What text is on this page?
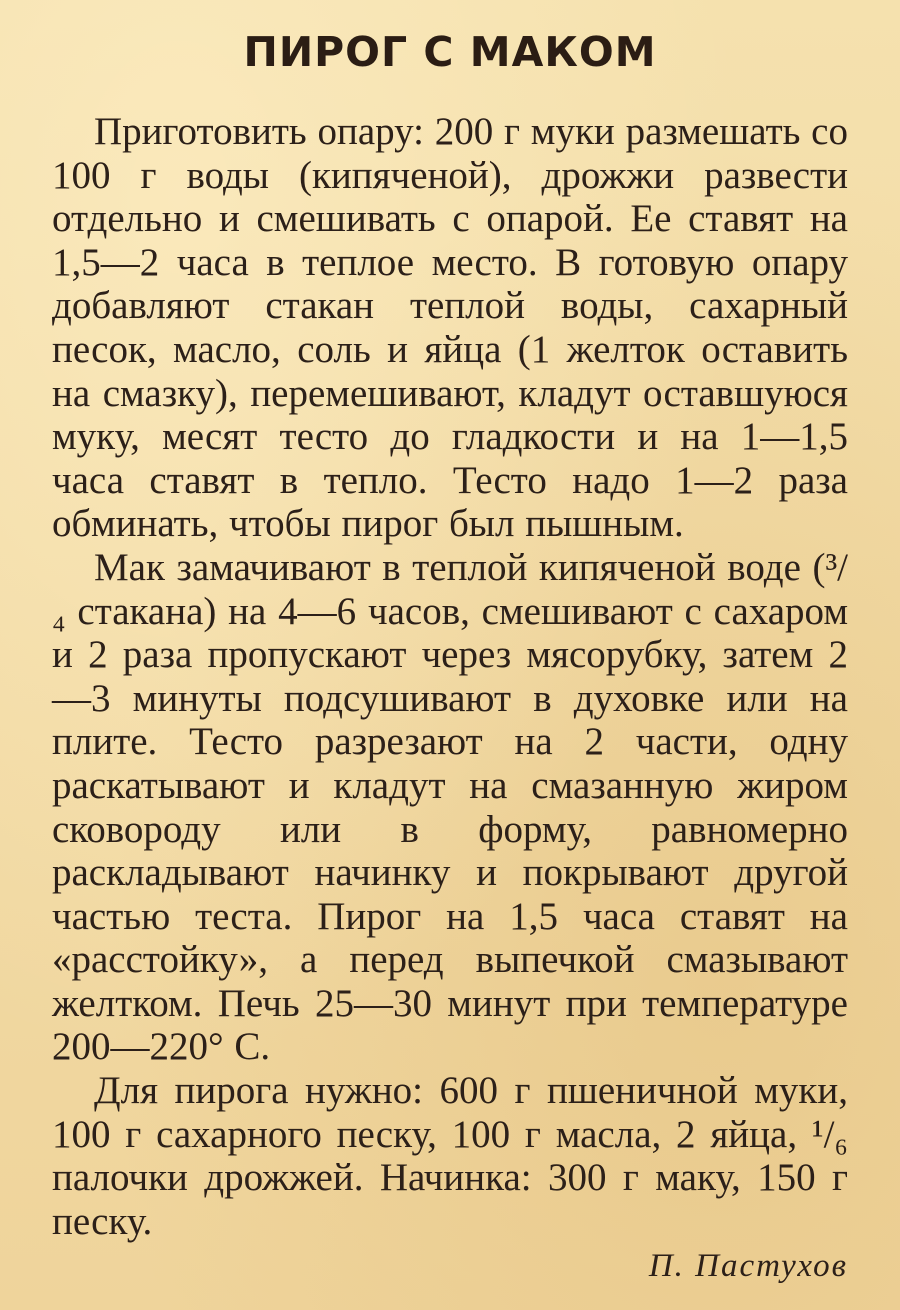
ПИРОГ С МАКОМ

Приготовить опару: 200 г муки размешать со 100 г воды (кипяченой), дрожжи развести отдельно и смешивать с опарой. Ее ставят на 1,5—2 часа в теплое место. В готовую опару добавляют стакан теплой воды, сахарный песок, масло, соль и яйца (1 желток оставить на смазку), перемешивают, кладут оставшуюся муку, месят тесто до гладкости и на 1—1,5 часа ставят в тепло. Тесто надо 1—2 раза обминать, чтобы пирог был пышным.

Мак замачивают в теплой кипяченой воде (³/₄ стакана) на 4—6 часов, смешивают с сахаром и 2 раза пропускают через мясорубку, затем 2—3 минуты подсушивают в духовке или на плите. Тесто разрезают на 2 части, одну раскатывают и кладут на смазанную жиром сковороду или в форму, равномерно раскладывают начинку и покрывают другой частью теста. Пирог на 1,5 часа ставят на «расстойку», а перед выпечкой смазывают желтком. Печь 25—30 минут при температуре 200—220° С.

Для пирога нужно: 600 г пшеничной муки, 100 г сахарного песку, 100 г масла, 2 яйца, ¹/₆ палочки дрожжей. Начинка: 300 г маку, 150 г песку.

П. Пастухов
